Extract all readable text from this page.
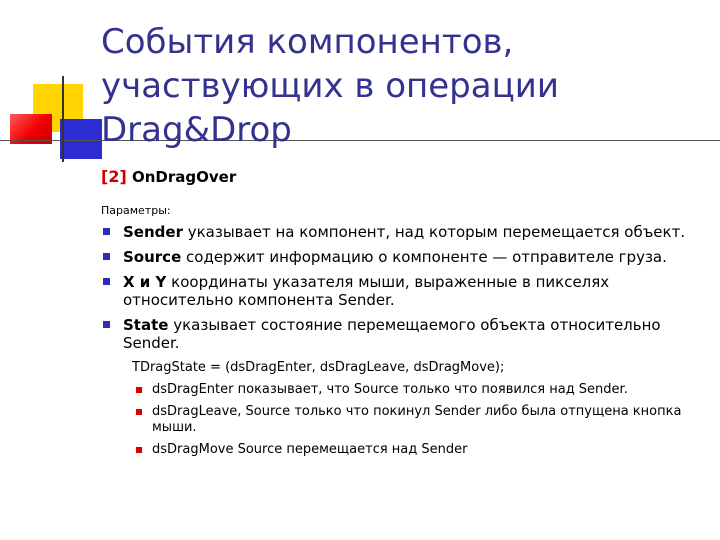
События компонентов,
участвующих в операции
Drag&Drop

[2] OnDragOver

Параметры:
Sender указывает на компонент, над которым перемещается объект.
Source содержит информацию о компоненте — отправителе груза.
X и Y координаты указателя мыши, выраженные в пикселях относительно компонента Sender.
State указывает состояние перемещаемого объекта относительно Sender.
TDragState = (dsDragEnter, dsDragLeave, dsDragMove);
dsDragEnter показывает, что Source только что появился над Sender.
dsDragLeave, Source только что покинул Sender либо была отпущена кнопка мыши.
dsDragMove Source перемещается над Sender
